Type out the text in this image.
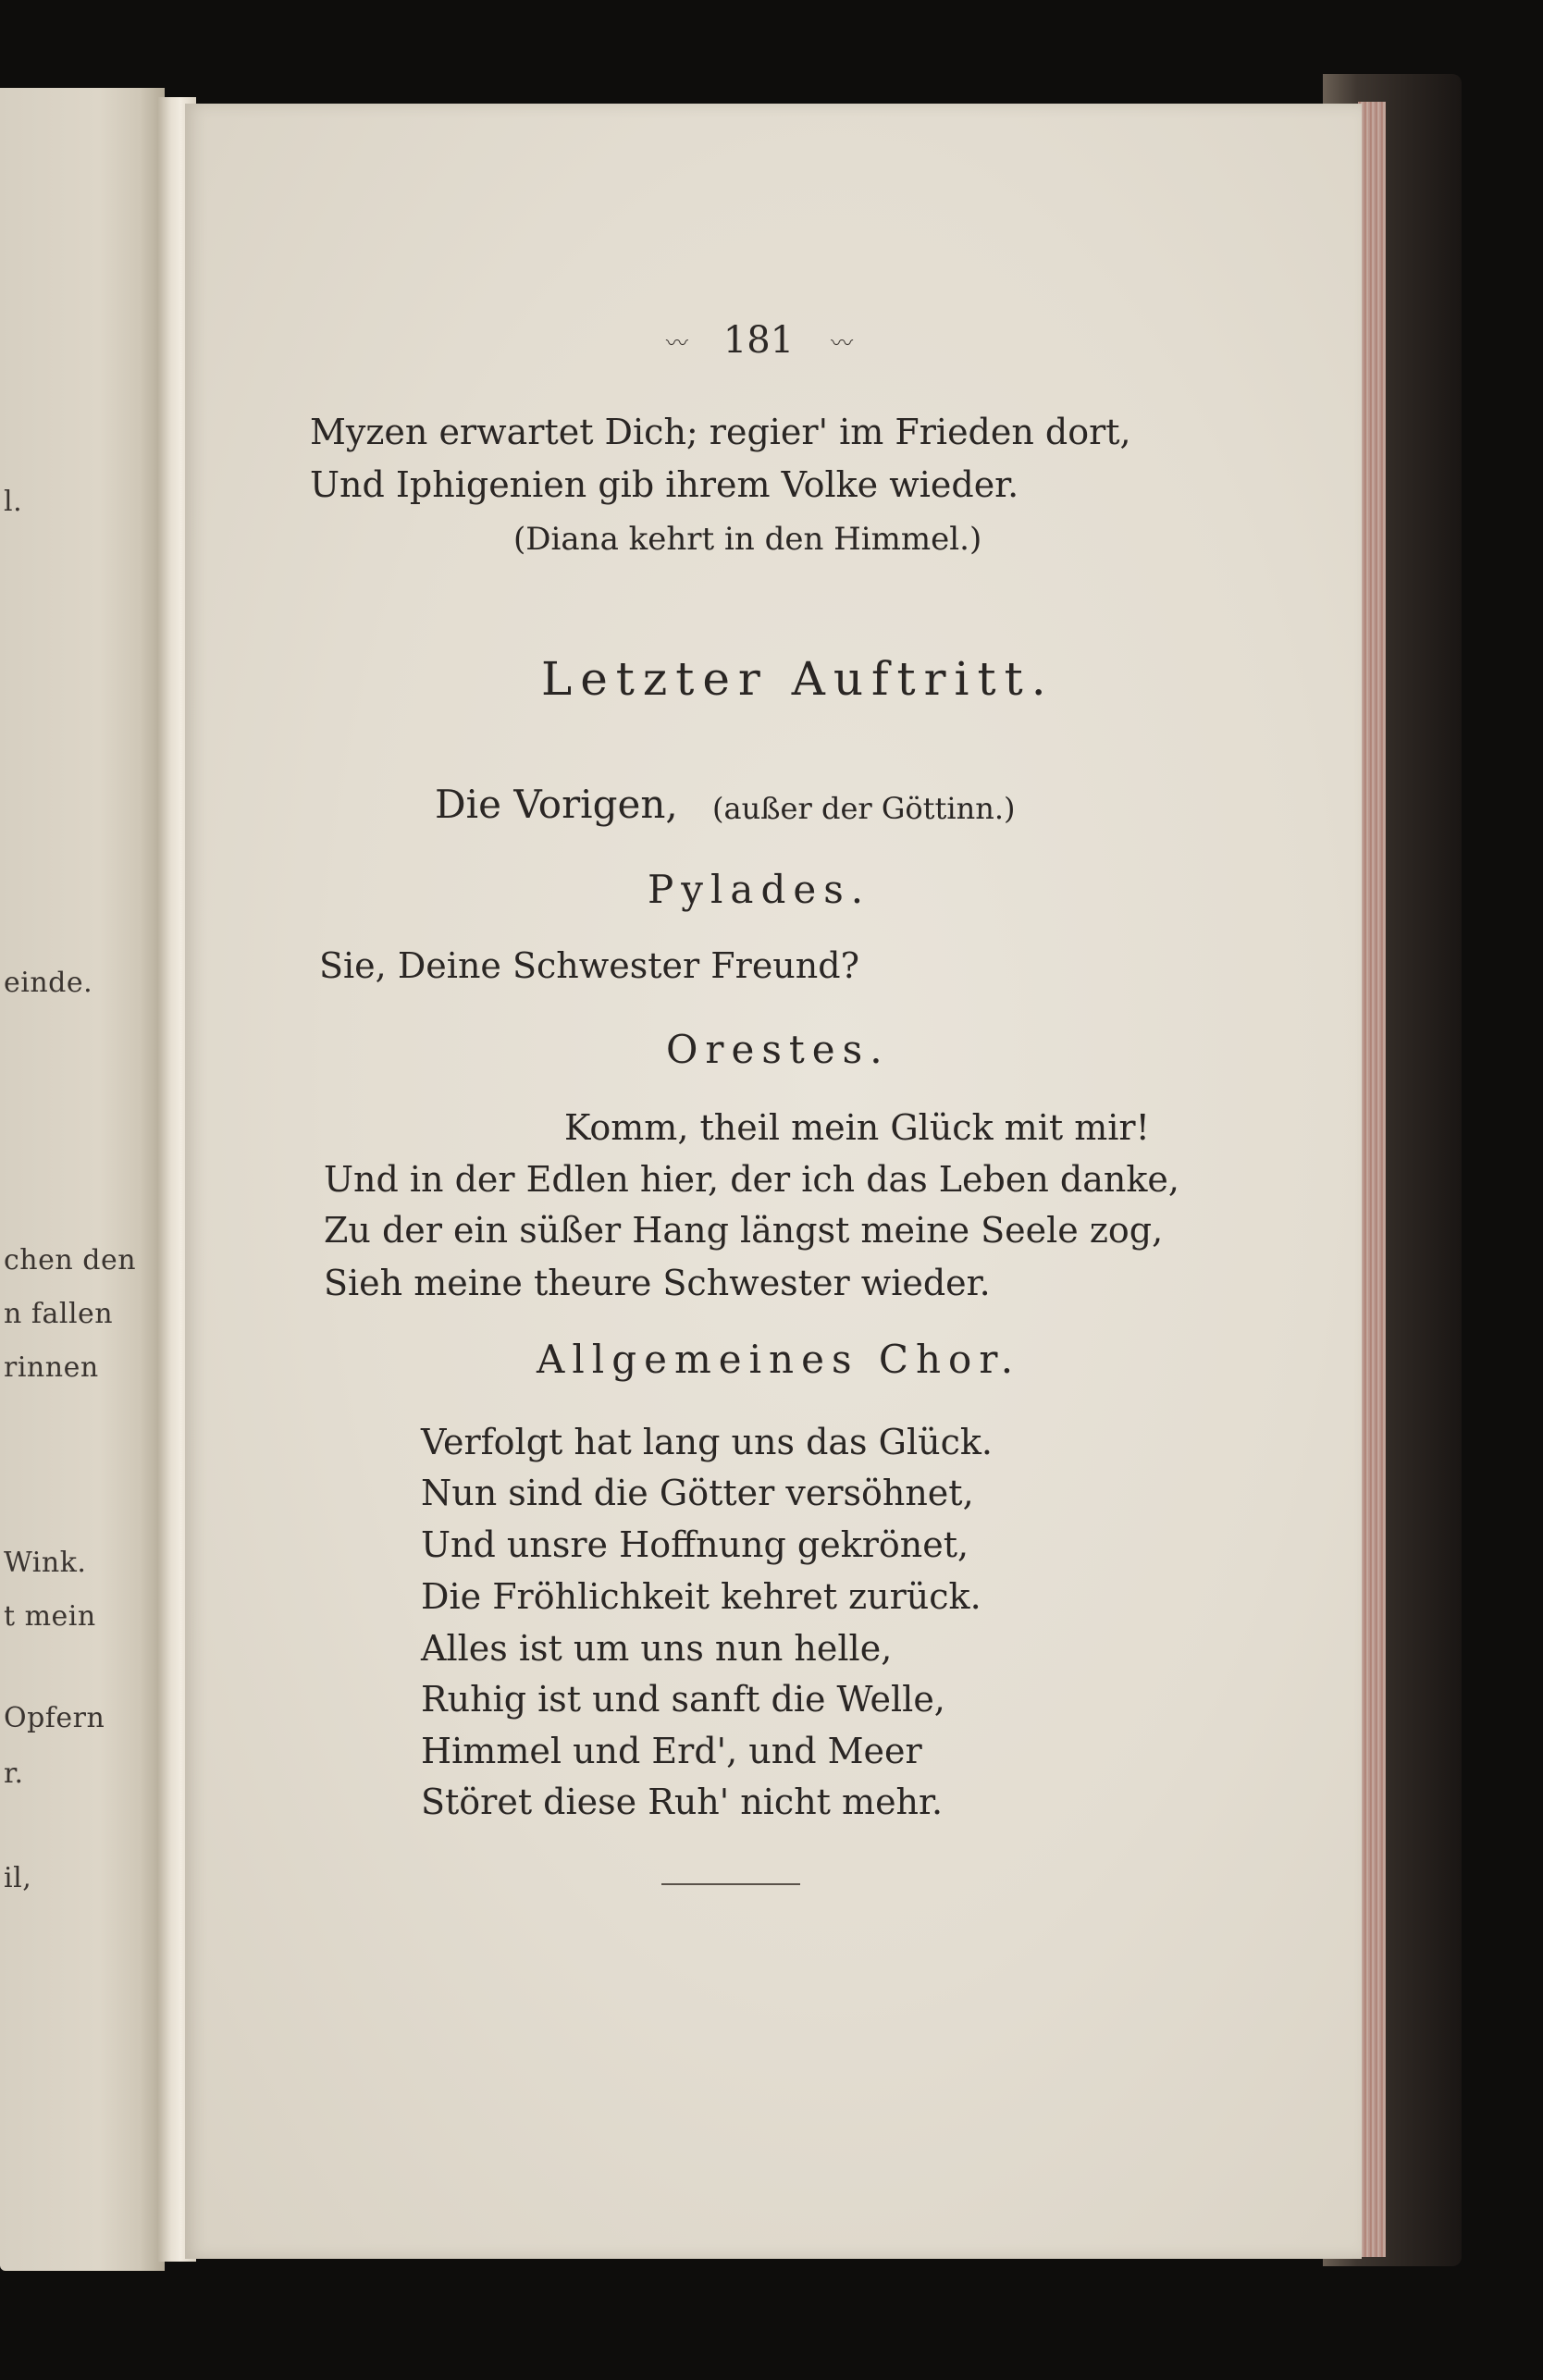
l.

einde.

chen den

n fallen

rinnen

Wink.

t mein

Opfern

r.

il,

〰 181 〰

Myzen erwartet Dich; regier' im Frieden dort,

Und Iphigenien gib ihrem Volke wieder.

(Diana kehrt in den Himmel.)

Letzter Auftritt.

Die Vorigen, (außer der Göttinn.)

Pylades.

Sie, Deine Schwester Freund?

Orestes.

Komm, theil mein Glück mit mir!

Und in der Edlen hier, der ich das Leben danke,

Zu der ein süßer Hang längst meine Seele zog,

Sieh meine theure Schwester wieder.

Allgemeines Chor.

Verfolgt hat lang uns das Glück.

Nun sind die Götter versöhnet,

Und unsre Hoffnung gekrönet,

Die Fröhlichkeit kehret zurück.

Alles ist um uns nun helle,

Ruhig ist und sanft die Welle,

Himmel und Erd', und Meer

Störet diese Ruh' nicht mehr.
